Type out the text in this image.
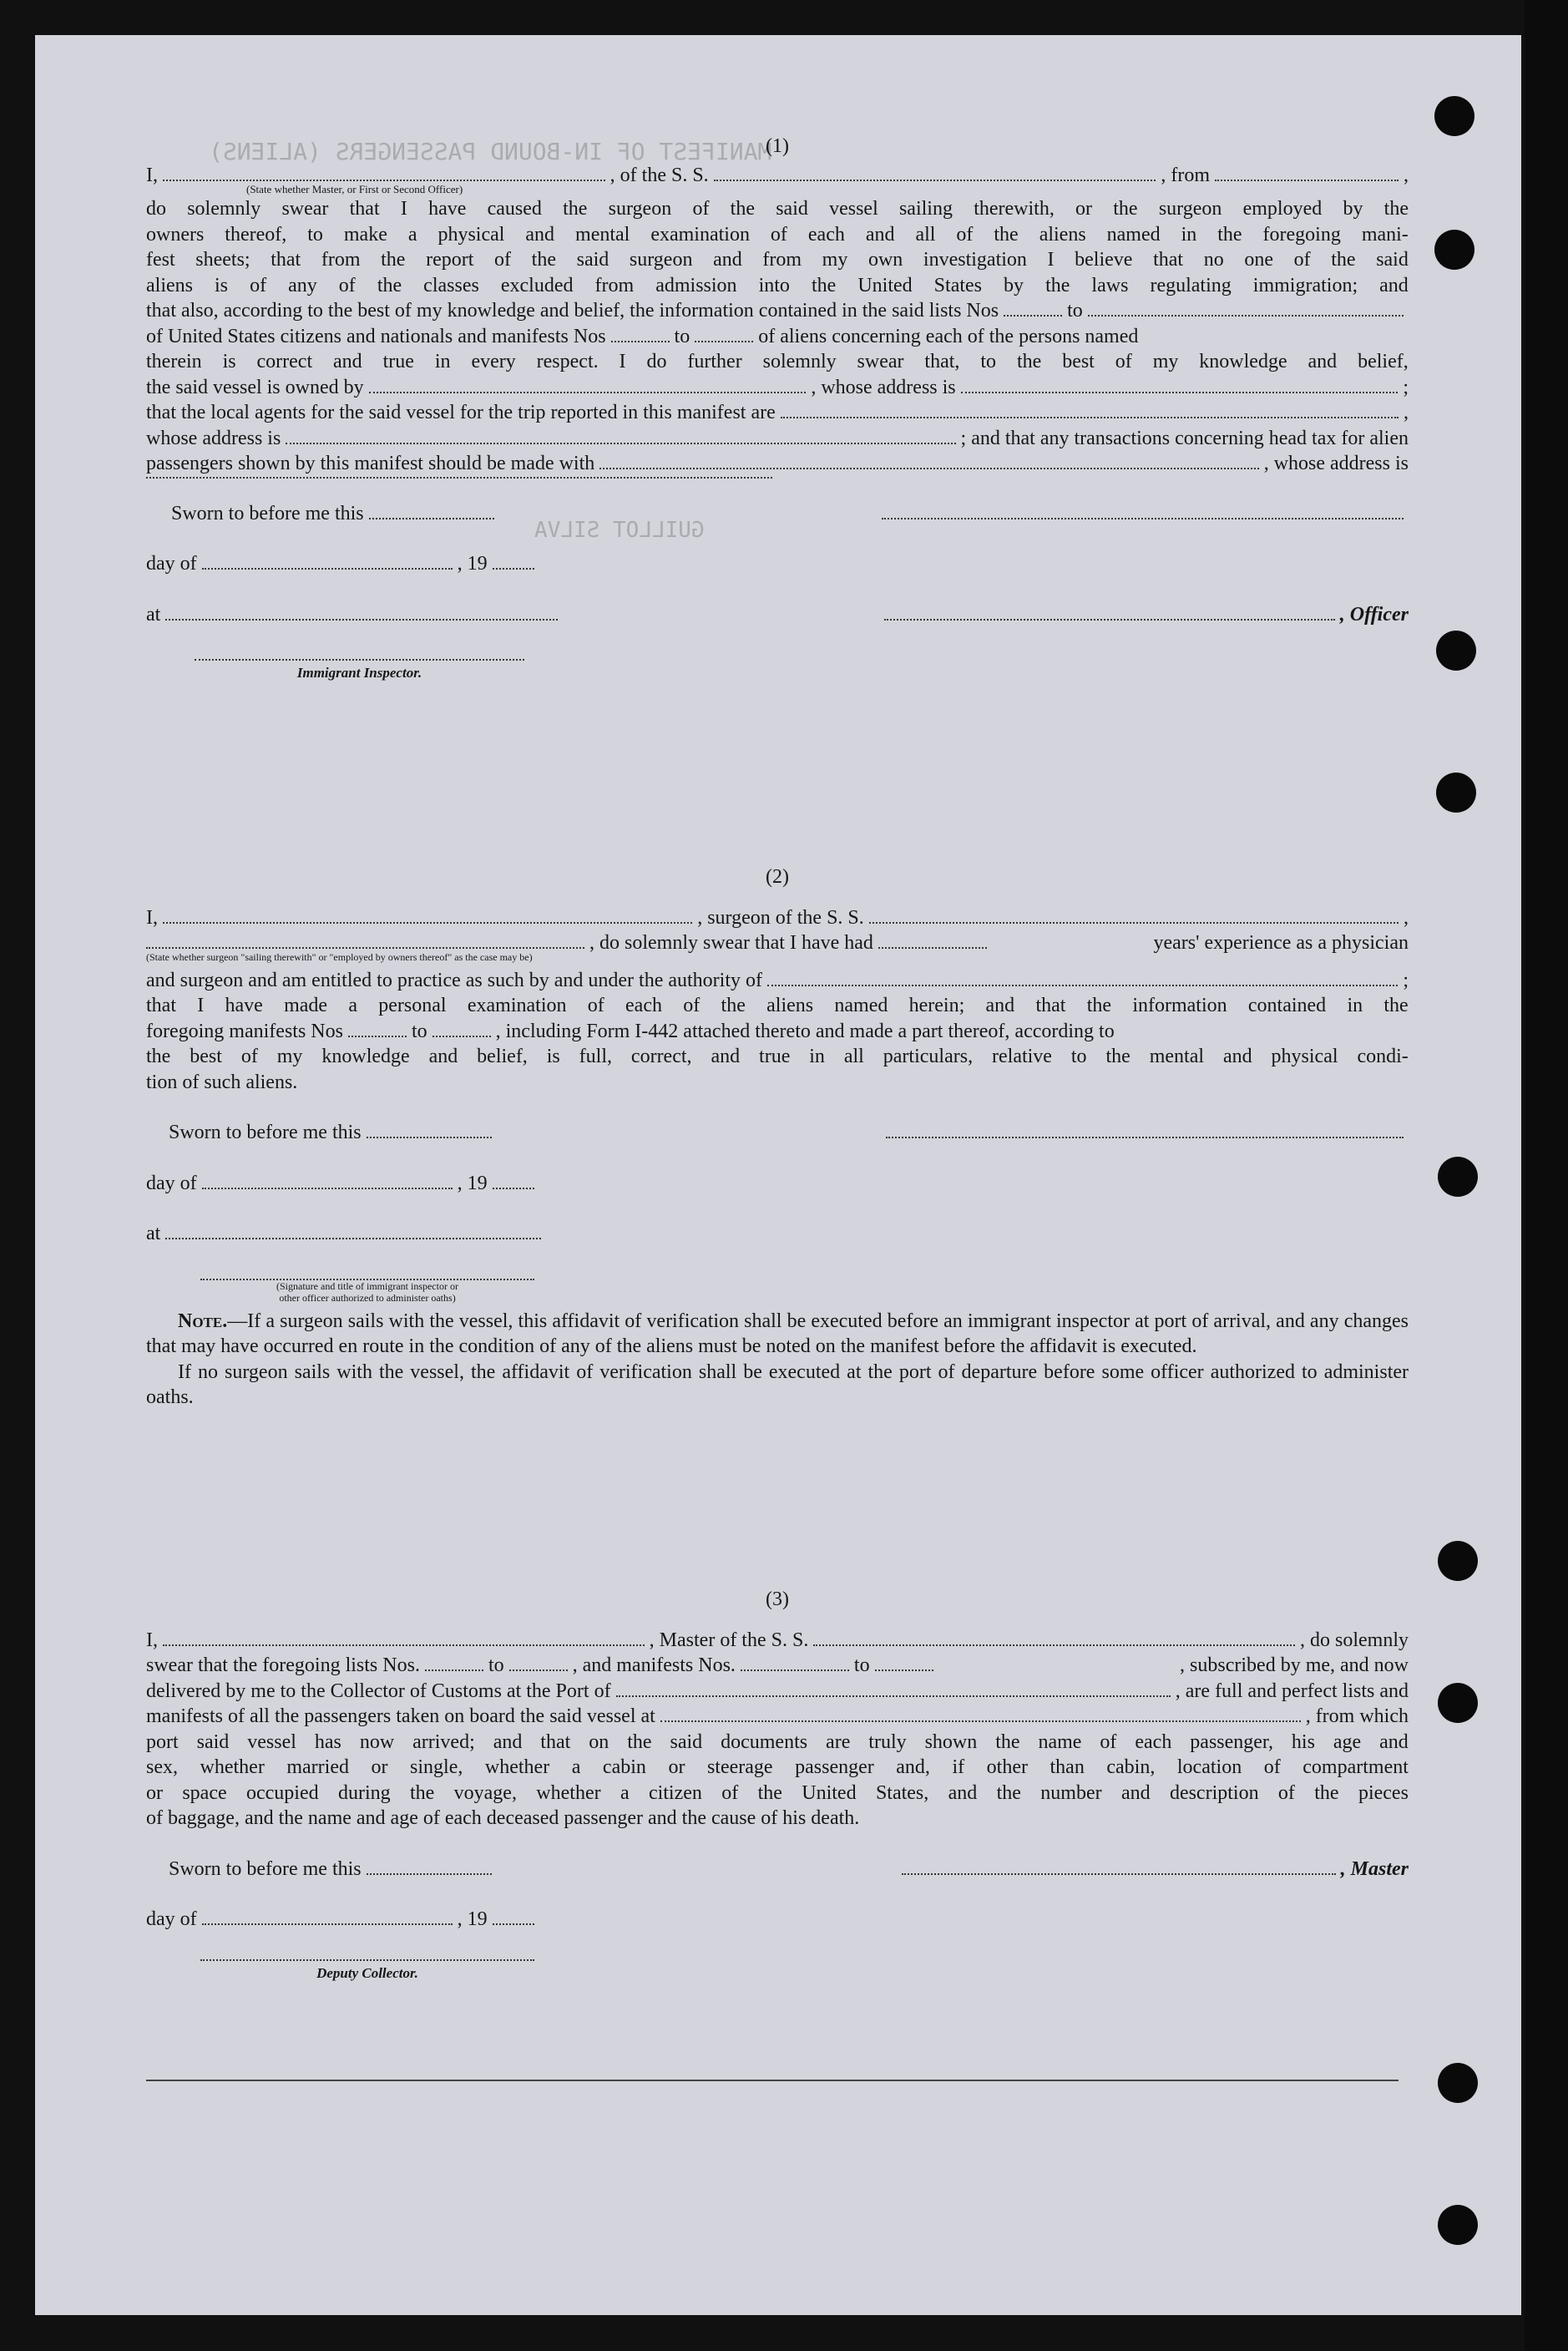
MANIFEST OF IN-BOUND PASSENGERS (ALIENS)
GUILLOT SILVA
(1)
I,	, of the S. S.	, from	,
(State whether Master, or First or Second Officer)
do solemnly swear that I have caused the surgeon of the said vessel sailing therewith, or the surgeon employed by the
owners thereof, to make a physical and mental examination of each and all of the aliens named in the foregoing mani-
fest sheets; that from the report of the said surgeon and from my own investigation I believe that no one of the said
aliens is of any of the classes excluded from admission into the United States by the laws regulating immigration; and
that also, according to the best of my knowledge and belief, the information contained in the said lists Nos	to
of United States citizens and nationals and manifests Nos	to	of aliens concerning each of the persons named
therein is correct and true in every respect. I do further solemnly swear that, to the best of my knowledge and belief,
the said vessel is owned by	, whose address is	;
that the local agents for the said vessel for the trip reported in this manifest are	,
whose address is	; and that any transactions concerning head tax for alien
passengers shown by this manifest should be made with	, whose address is
Sworn to before me this
day of	, 19
at	, Officer
Immigrant Inspector.
(2)
I,	, surgeon of the S. S.	,
, do solemnly swear that I have had	years' experience as a physician
(State whether surgeon "sailing therewith" or "employed by owners thereof" as the case may be)
and surgeon and am entitled to practice as such by and under the authority of	;
that I have made a personal examination of each of the aliens named herein; and that the information contained in the
foregoing manifests Nos	to	, including Form I-442 attached thereto and made a part thereof, according to
the best of my knowledge and belief, is full, correct, and true in all particulars, relative to the mental and physical condi-
tion of such aliens.
Sworn to before me this
day of	, 19
at
(Signature and title of immigrant inspector or
other officer authorized to administer oaths)
Note.—If a surgeon sails with the vessel, this affidavit of verification shall be executed before an immigrant inspector at port of arrival, and any changes that may have occurred en route in the condition of any of the aliens must be noted on the manifest before the affidavit is executed.
If no surgeon sails with the vessel, the affidavit of verification shall be executed at the port of departure before some officer authorized to administer oaths.
(3)
I,	, Master of the S. S.	, do solemnly
swear that the foregoing lists Nos.	to	, and manifests Nos.	to	, subscribed by me, and now
delivered by me to the Collector of Customs at the Port of	, are full and perfect lists and
manifests of all the passengers taken on board the said vessel at	, from which
port said vessel has now arrived; and that on the said documents are truly shown the name of each passenger, his age and
sex, whether married or single, whether a cabin or steerage passenger and, if other than cabin, location of compartment
or space occupied during the voyage, whether a citizen of the United States, and the number and description of the pieces
of baggage, and the name and age of each deceased passenger and the cause of his death.
Sworn to before me this	, Master
day of	, 19
Deputy Collector.
